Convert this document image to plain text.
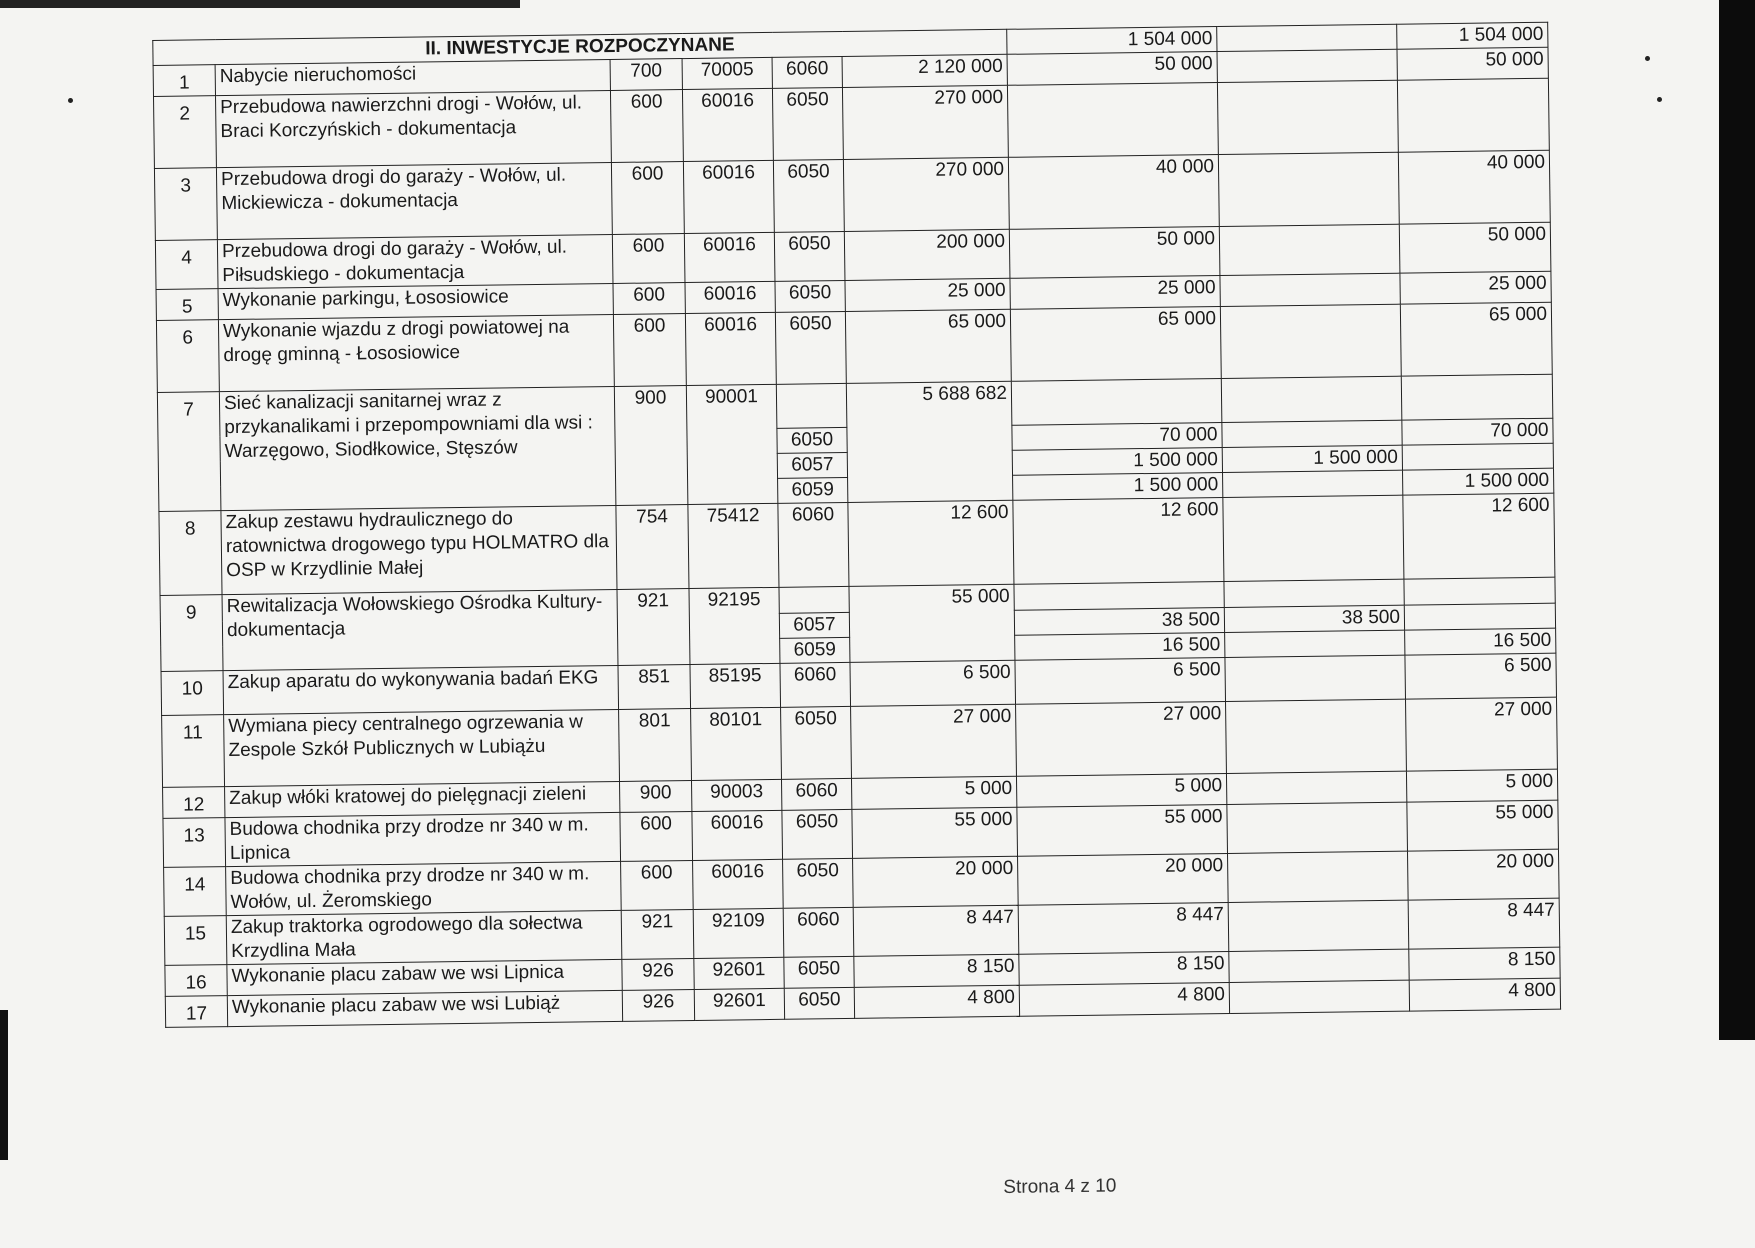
II. INWESTYCJE ROZPOCZYNANE						1 504 000		1 504 000
1	Nabycie nieruchomości	700	70005	6060	2 120 000	50 000		50 000
2	Przebudowa nawierzchni drogi - Wołów, ul. Braci Korczyńskich - dokumentacja	600	60016	6050	270 000			
3	Przebudowa drogi do garaży - Wołów, ul. Mickiewicza - dokumentacja	600	60016	6050	270 000	40 000		40 000
4	Przebudowa drogi do garaży - Wołów, ul. Piłsudskiego - dokumentacja	600	60016	6050	200 000	50 000		50 000
5	Wykonanie parkingu, Łososiowice	600	60016	6050	25 000	25 000		25 000
6	Wykonanie wjazdu z drogi powiatowej na drogę gminną - Łososiowice	600	60016	6050	65 000	65 000		65 000
7	Sieć kanalizacji sanitarnej wraz z przykanalikami i przepompowniami dla wsi : Warzęgowo, Siodłkowice, Stęszów	900	90001		5 688 682			
				6050		70 000		70 000
				6057		1 500 000	1 500 000	
				6059		1 500 000		1 500 000
8	Zakup zestawu hydraulicznego do ratownictwa drogowego typu HOLMATRO dla OSP w Krzydlinie Małej	754	75412	6060	12 600	12 600		12 600
9	Rewitalizacja Wołowskiego Ośrodka Kultury- dokumentacja	921	92195		55 000			
				6057		38 500	38 500	
				6059		16 500		16 500
10	Zakup aparatu do wykonywania badań EKG	851	85195	6060	6 500	6 500		6 500
11	Wymiana piecy centralnego ogrzewania w Zespole Szkół Publicznych w Lubiążu	801	80101	6050	27 000	27 000		27 000
12	Zakup włóki kratowej do pielęgnacji zieleni	900	90003	6060	5 000	5 000		5 000
13	Budowa chodnika przy drodze nr 340 w m. Lipnica	600	60016	6050	55 000	55 000		55 000
14	Budowa chodnika przy drodze nr 340 w m. Wołów, ul. Żeromskiego	600	60016	6050	20 000	20 000		20 000
15	Zakup traktorka ogrodowego dla sołectwa Krzydlina Mała	921	92109	6060	8 447	8 447		8 447
16	Wykonanie placu zabaw we wsi Lipnica	926	92601	6050	8 150	8 150		8 150
17	Wykonanie placu zabaw we wsi Lubiąż	926	92601	6050	4 800	4 800		4 800
Strona 4 z 10
